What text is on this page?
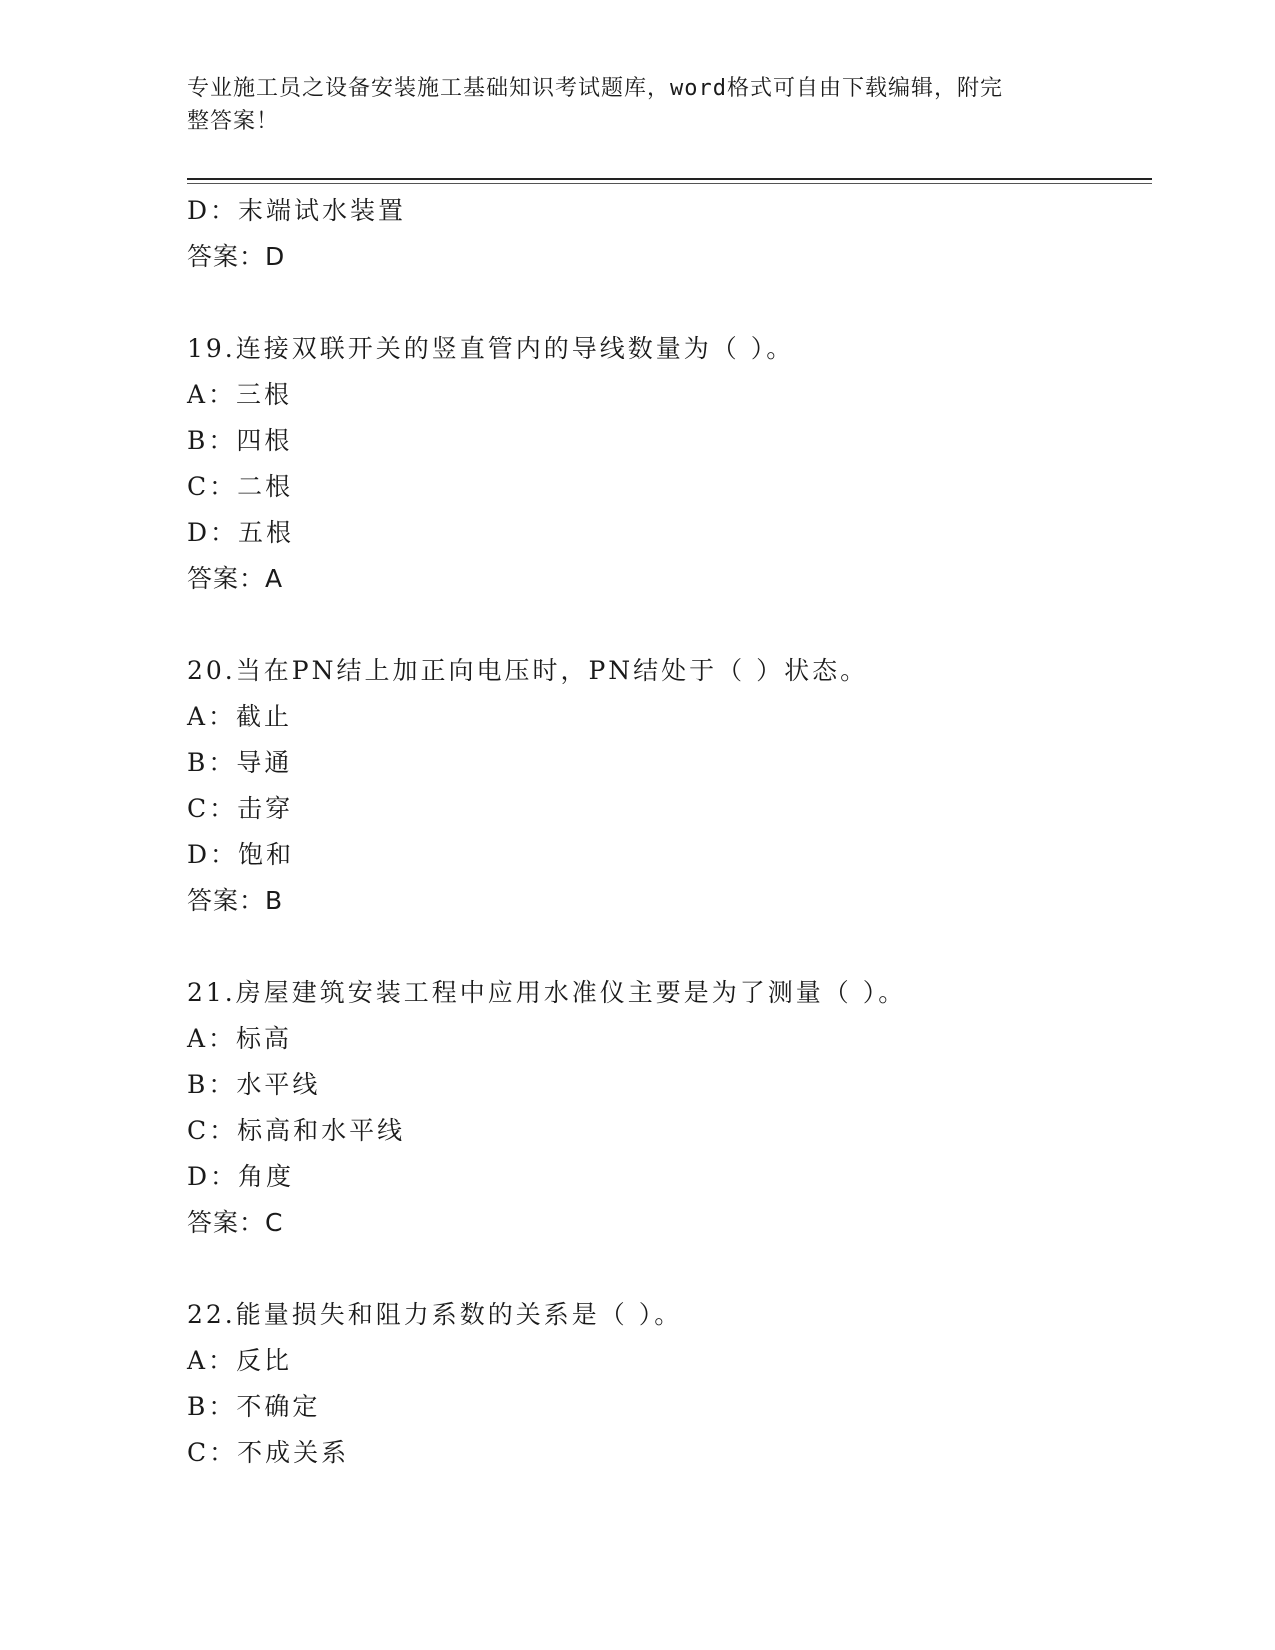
专业施工员之设备安装施工基础知识考试题库，word格式可自由下载编辑，附完
整答案！
D：末端试水装置
答案：D
19.连接双联开关的竖直管内的导线数量为（ ）。
A：三根
B：四根
C：二根
D：五根
答案：A
20.当在PN结上加正向电压时，PN结处于（ ）状态。
A：截止
B：导通
C：击穿
D：饱和
答案：B
21.房屋建筑安装工程中应用水准仪主要是为了测量（ ）。
A：标高
B：水平线
C：标高和水平线
D：角度
答案：C
22.能量损失和阻力系数的关系是（ ）。
A：反比
B：不确定
C：不成关系
